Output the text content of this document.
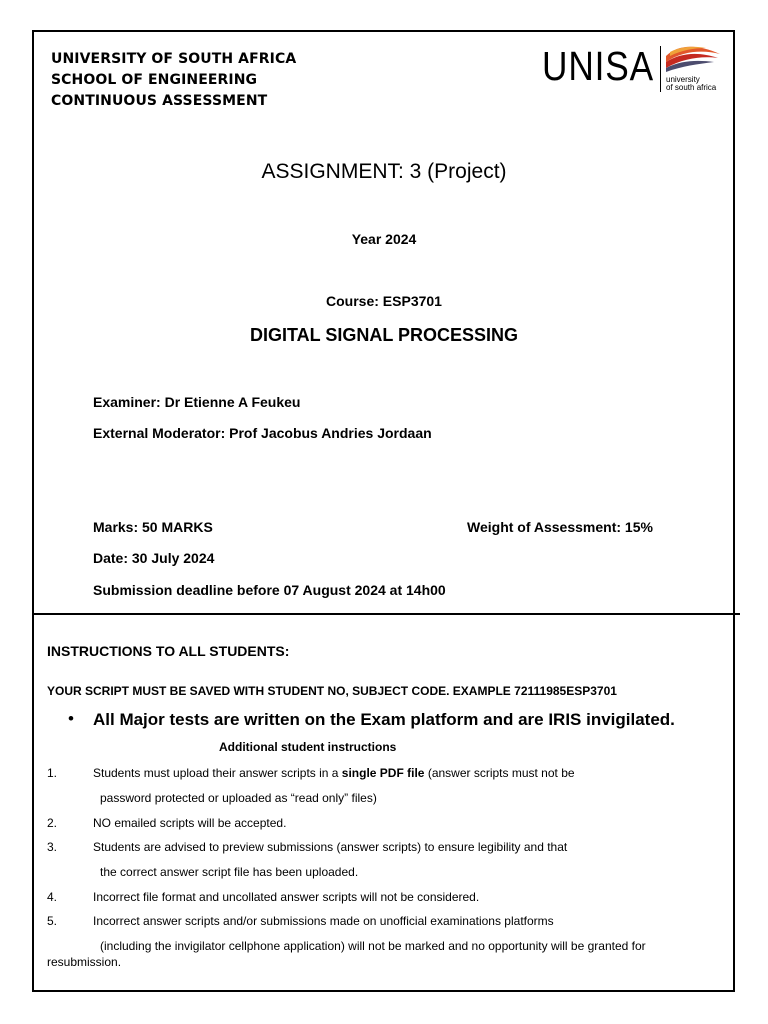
UNIVERSITY OF SOUTH AFRICA
SCHOOL OF ENGINEERING
CONTINUOUS ASSESSMENT
UNISA university
of south africa
ASSIGNMENT: 3 (Project)
Year 2024
Course: ESP3701
DIGITAL SIGNAL PROCESSING
Examiner: Dr Etienne A Feukeu
External Moderator: Prof Jacobus Andries Jordaan
Marks: 50 MARKS	Weight of Assessment: 15%
Date: 30 July 2024
Submission deadline before 07 August 2024 at 14h00
INSTRUCTIONS TO ALL STUDENTS:
YOUR SCRIPT MUST BE SAVED WITH STUDENT NO, SUBJECT CODE. EXAMPLE 72111985ESP3701
• All Major tests are written on the Exam platform and are IRIS invigilated.
Additional student instructions
1.	Students must upload their answer scripts in a single PDF file (answer scripts must not be
password protected or uploaded as “read only” files)
2.	NO emailed scripts will be accepted.
3.	Students are advised to preview submissions (answer scripts) to ensure legibility and that
the correct answer script file has been uploaded.
4.	Incorrect file format and uncollated answer scripts will not be considered.
5.	Incorrect answer scripts and/or submissions made on unofficial examinations platforms
(including the invigilator cellphone application) will not be marked and no opportunity will be granted for
resubmission.
